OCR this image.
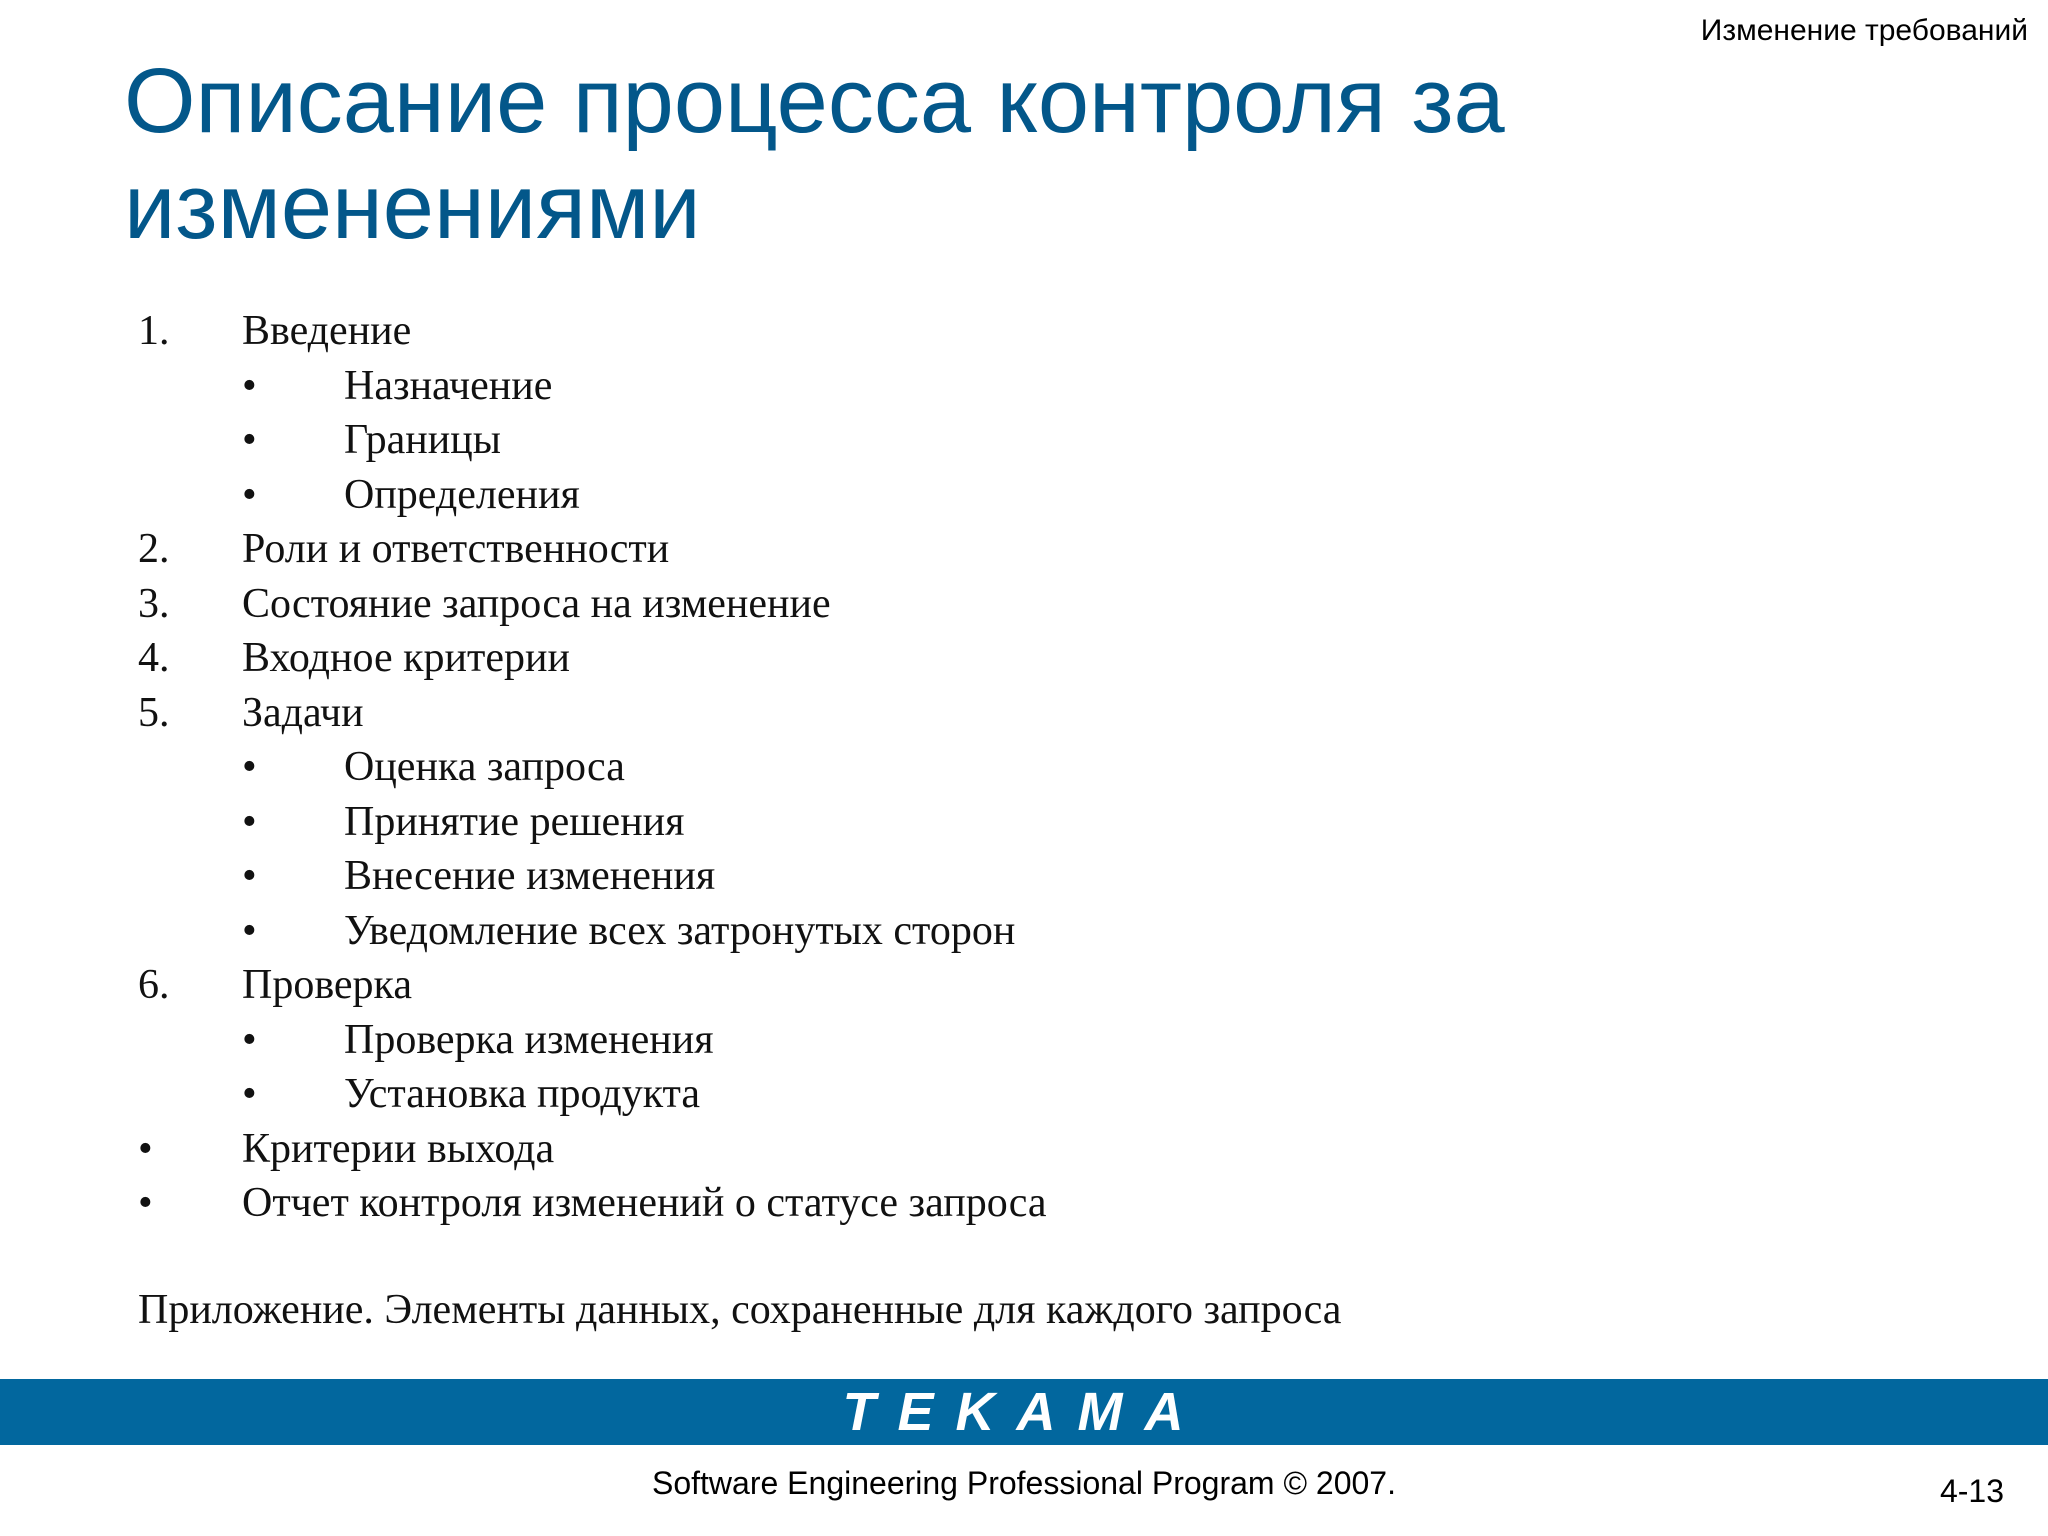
Изменение требований
Описание процесса контроля за изменениями
1. Введение
• Назначение
• Границы
• Определения
2. Роли и ответственности
3. Состояние запроса на изменение
4. Входное критерии
5. Задачи
• Оценка запроса
• Принятие решения
• Внесение изменения
• Уведомление всех затронутых сторон
6. Проверка
• Проверка изменения
• Установка продукта
• Критерии выхода
• Отчет контроля изменений о статусе запроса
Приложение. Элементы данных, сохраненные для каждого запроса
TEKAMA
Software Engineering Professional Program © 2007.	4-13
